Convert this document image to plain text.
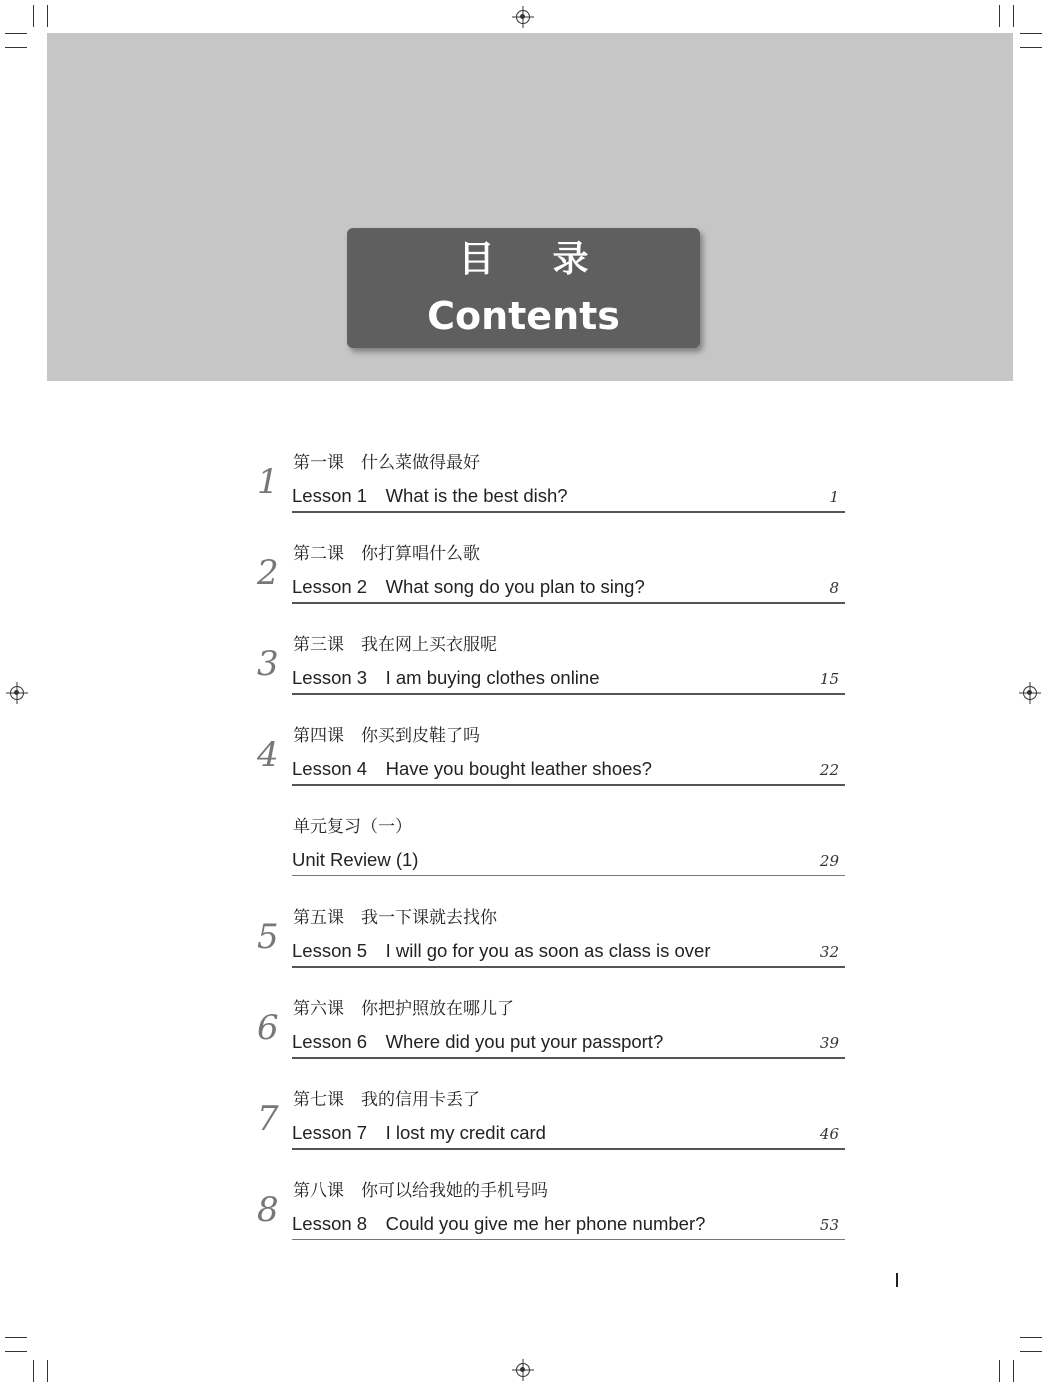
目录
Contents
1 第一课　什么菜做得最好
Lesson 1　What is the best dish?	1
2 第二课　你打算唱什么歌
Lesson 2　What song do you plan to sing?	8
3 第三课　我在网上买衣服呢
Lesson 3　I am buying clothes online	15
4 第四课　你买到皮鞋了吗
Lesson 4　Have you bought leather shoes?	22
单元复习（一）
Unit Review (1)	29
5 第五课　我一下课就去找你
Lesson 5　I will go for you as soon as class is over	32
6 第六课　你把护照放在哪儿了
Lesson 6　Where did you put your passport?	39
7 第七课　我的信用卡丢了
Lesson 7　I lost my credit card	46
8 第八课　你可以给我她的手机号吗
Lesson 8　Could you give me her phone number?	53
